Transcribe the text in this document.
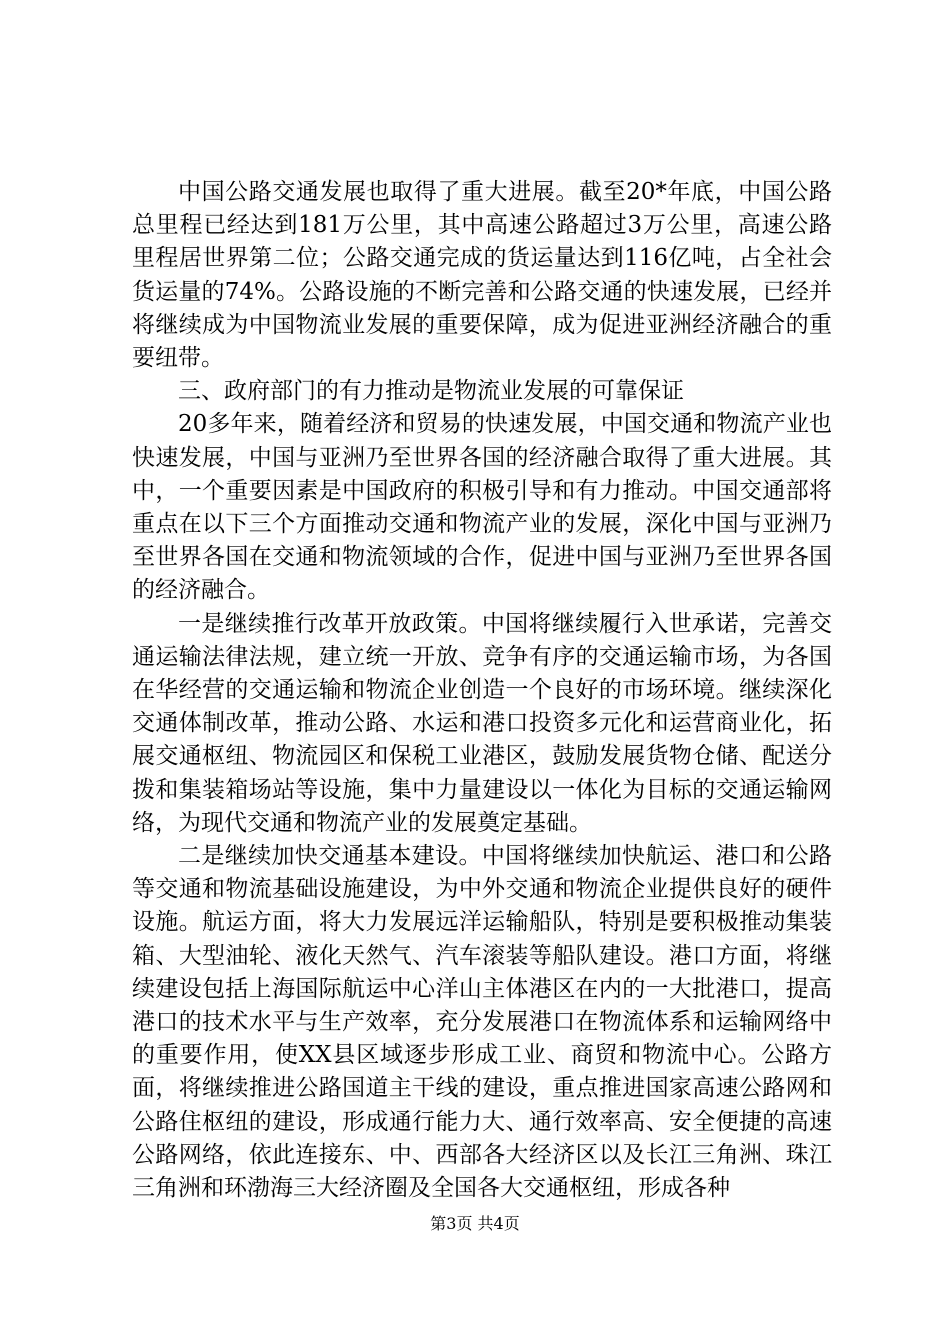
中国公路交通发展也取得了重大进展。截至20*年底，中国公路总里程已经达到181万公里，其中高速公路超过3万公里，高速公路里程居世界第二位；公路交通完成的货运量达到116亿吨，占全社会货运量的74%。公路设施的不断完善和公路交通的快速发展，已经并将继续成为中国物流业发展的重要保障，成为促进亚洲经济融合的重要纽带。

三、政府部门的有力推动是物流业发展的可靠保证

20多年来，随着经济和贸易的快速发展，中国交通和物流产业也快速发展，中国与亚洲乃至世界各国的经济融合取得了重大进展。其中，一个重要因素是中国政府的积极引导和有力推动。中国交通部将重点在以下三个方面推动交通和物流产业的发展，深化中国与亚洲乃至世界各国在交通和物流领域的合作，促进中国与亚洲乃至世界各国的经济融合。

一是继续推行改革开放政策。中国将继续履行入世承诺，完善交通运输法律法规，建立统一开放、竞争有序的交通运输市场，为各国在华经营的交通运输和物流企业创造一个良好的市场环境。继续深化交通体制改革，推动公路、水运和港口投资多元化和运营商业化，拓展交通枢纽、物流园区和保税工业港区，鼓励发展货物仓储、配送分拨和集装箱场站等设施，集中力量建设以一体化为目标的交通运输网络，为现代交通和物流产业的发展奠定基础。

二是继续加快交通基本建设。中国将继续加快航运、港口和公路等交通和物流基础设施建设，为中外交通和物流企业提供良好的硬件设施。航运方面，将大力发展远洋运输船队，特别是要积极推动集装箱、大型油轮、液化天然气、汽车滚装等船队建设。港口方面，将继续建设包括上海国际航运中心洋山主体港区在内的一大批港口，提高港口的技术水平与生产效率，充分发展港口在物流体系和运输网络中的重要作用，使XX县区域逐步形成工业、商贸和物流中心。公路方面，将继续推进公路国道主干线的建设，重点推进国家高速公路网和公路住枢纽的建设，形成通行能力大、通行效率高、安全便捷的高速公路网络，依此连接东、中、西部各大经济区以及长江三角洲、珠江三角洲和环渤海三大经济圈及全国各大交通枢纽，形成各种

第3页 共4页
